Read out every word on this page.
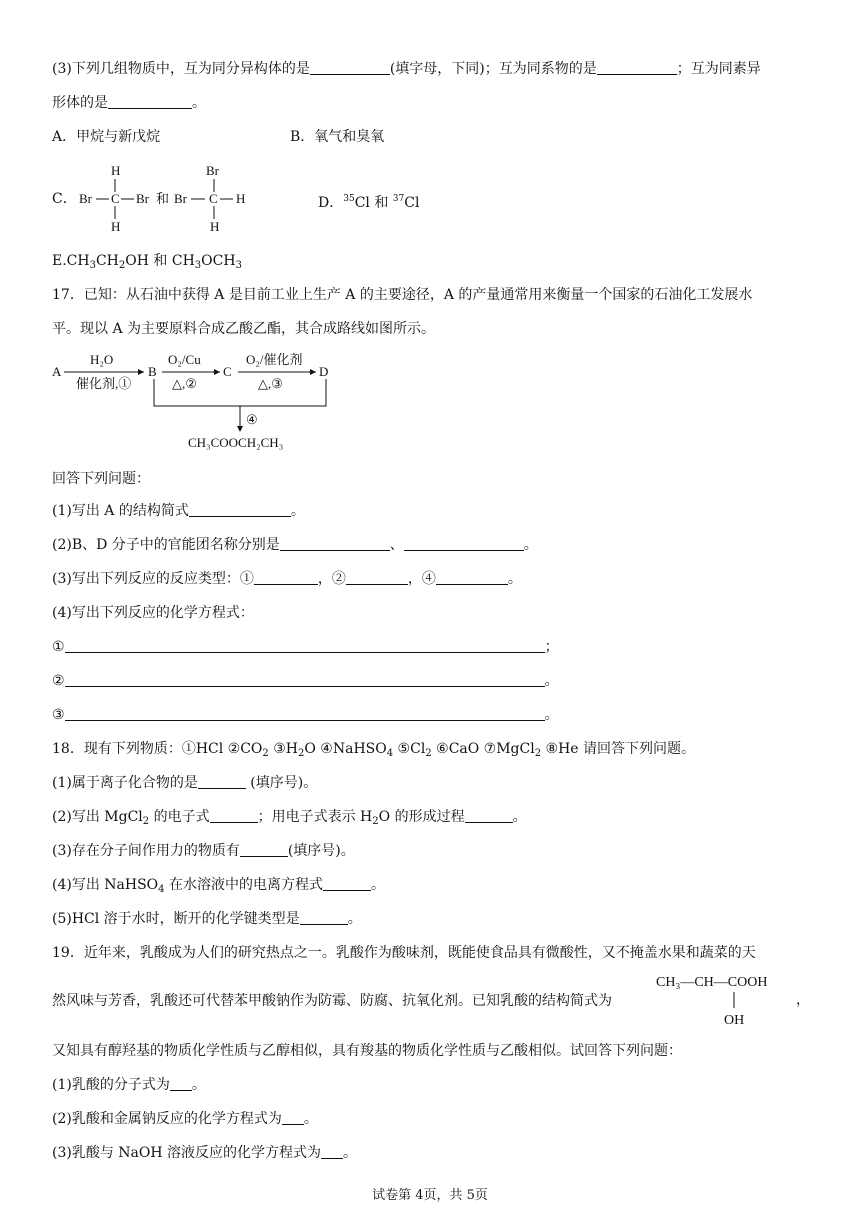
(3)下列几组物质中，互为同分异构体的是	(填字母，下同)；互为同系物的是	；互为同素异
形体的是	。
A．甲烷与新戊烷	B．氧气和臭氧
C．
H
Br C Br
H
和
Br
Br C H
H
D．$^{35}$Cl 和 $^{37}$Cl
$E.CH_3CH_2OH$ 和 $CH_3OCH_3$
17．已知：从石油中获得 A 是目前工业上生产 A 的主要途径，A 的产量通常用来衡量一个国家的石油化工发展水
平。现以 A 为主要原料合成乙酸乙酯，其合成路线如图所示。
A
H₂O
催化剂,①
B
O₂/Cu
△,②
C
O₂/催化剂
△,③
D
④
CH₃COOCH₂CH₃
回答下列问题：
(1)写出 A 的结构简式	。
(2)B、D 分子中的官能团名称分别是	、	。
(3)写出下列反应的反应类型：①	，②	，④	。
(4)写出下列反应的化学方程式：
①	；
②	。
③	。
18．现有下列物质：①HCl $②CO_2$ $③H_2O$ ④NaHSO$_4$ $⑤Cl_2$ ⑥CaO ⑦MgCl$_2$ ⑧He 请回答下列问题。
(1)属于离子化合物的是	(填序号)。
(2)写出 MgCl$_2$ 的电子式	；用电子式表示 $H_2O$ 的形成过程	。
(3)存在分子间作用力的物质有	(填序号)。
(4)写出 NaHSO$_4$ 在水溶液中的电离方程式	。
(5)HCl 溶于水时，断开的化学键类型是	。
19．近年来，乳酸成为人们的研究热点之一。乳酸作为酸味剂，既能使食品具有微酸性，又不掩盖水果和蔬菜的天
然风味与芳香，乳酸还可代替苯甲酸钠作为防霉、防腐、抗氧化剂。已知乳酸的结构简式为
CH₃—CH—COOH
OH
，
又知具有醇羟基的物质化学性质与乙醇相似，具有羧基的物质化学性质与乙酸相似。试回答下列问题：
(1)乳酸的分子式为 。
(2)乳酸和金属钠反应的化学方程式为 。
(3)乳酸与 NaOH 溶液反应的化学方程式为 。
试卷第 4页，共 5页
